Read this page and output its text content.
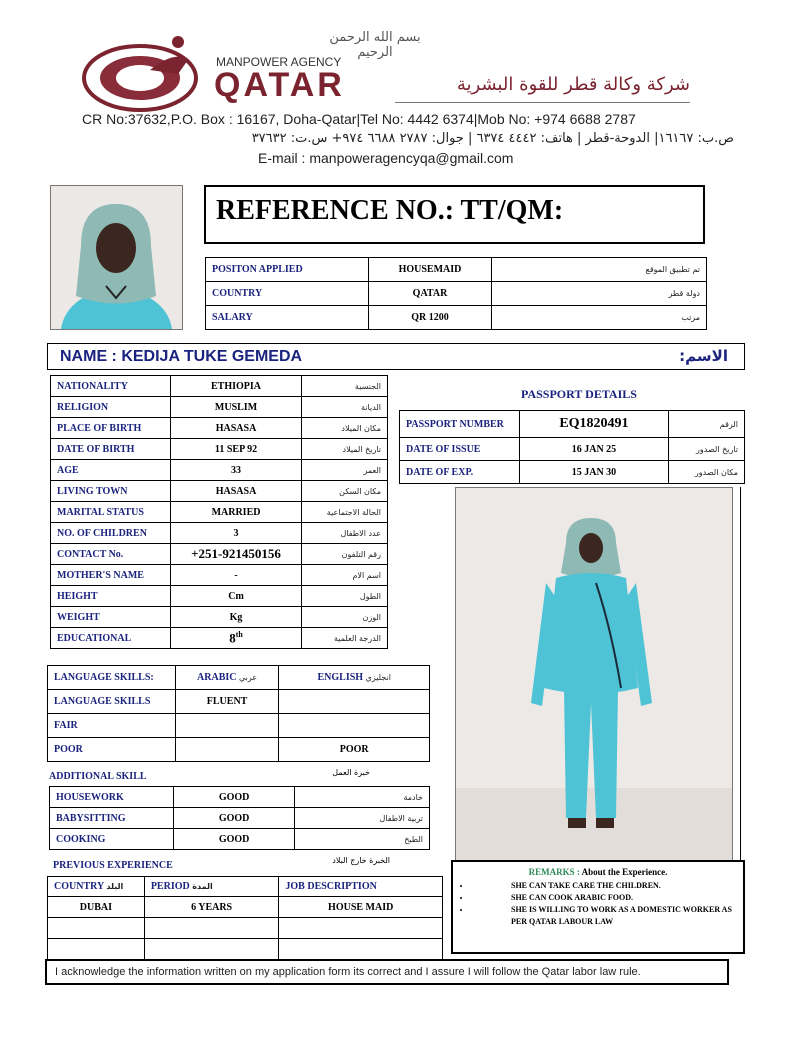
بسم الله الرحمن الرحيم
MANPOWER AGENCY
QATAR	شركة وكالة قطر للقوة البشرية
CR No:37632,P.O. Box : 16167, Doha-Qatar|Tel No: 4442 6374|Mob No: +974 6688 2787
ص.ب: ١٦١٦٧| الدوحة-قطر | هاتف: ٤٤٤٢ ٦٣٧٤ | جوال: ٢٧٨٧ ٦٦٨٨ ٩٧٤+ س.ت: ٣٧٦٣٢
E-mail : manpoweragencyqa@gmail.com
REFERENCE NO.: TT/QM:
POSITON APPLIED	HOUSEMAID	تم تطبيق الموقع
COUNTRY	QATAR	دولة قطر
SALARY	QR 1200	مرتب
NAME : KEDIJA TUKE GEMEDA	الاسم:
NATIONALITY	ETHIOPIA	الجنسية
RELIGION	MUSLIM	الديانة
PLACE OF BIRTH	HASASA	مكان الميلاد
DATE OF BIRTH	11 SEP 92	تاريخ الميلاد
AGE	33	العمر
LIVING TOWN	HASASA	مكان السكن
MARITAL STATUS	MARRIED	الحالة الاجتماعية
NO. OF CHILDREN	3	عدد الاطفال
CONTACT No.	+251-921450156	رقم التلفون
MOTHER'S NAME	-	اسم الام
HEIGHT	Cm	الطول
WEIGHT	Kg	الوزن
EDUCATIONAL	8th	الدرجة العلمية
PASSPORT DETAILS
PASSPORT NUMBER	EQ1820491	الرقم
DATE OF ISSUE	16 JAN 25	تاريخ الصدور
DATE OF EXP.	15 JAN 30	مكان الصدور
LANGUAGE SKILLS:	ARABIC عربي	ENGLISH انجليزي
LANGUAGE SKILLS	FLUENT	
FAIR		
POOR		POOR
ADDITIONAL SKILL	خبرة العمل
HOUSEWORK	GOOD	خادمة
BABYSITTING	GOOD	تربية الاطفال
COOKING	GOOD	الطبخ
PREVIOUS EXPERIENCE	الخبرة خارج البلاد
COUNTRY البلد	PERIOD المدة	JOB DESCRIPTION
DUBAI	6 YEARS	HOUSE MAID

REMARKS : About the Experience.
• SHE CAN TAKE CARE THE CHILDREN.
• SHE CAN COOK ARABIC FOOD.
• SHE IS WILLING TO WORK AS A DOMESTIC WORKER AS PER QATAR LABOUR LAW
I acknowledge the information written on my application form its correct and I assure I will follow the Qatar labor law rule.
